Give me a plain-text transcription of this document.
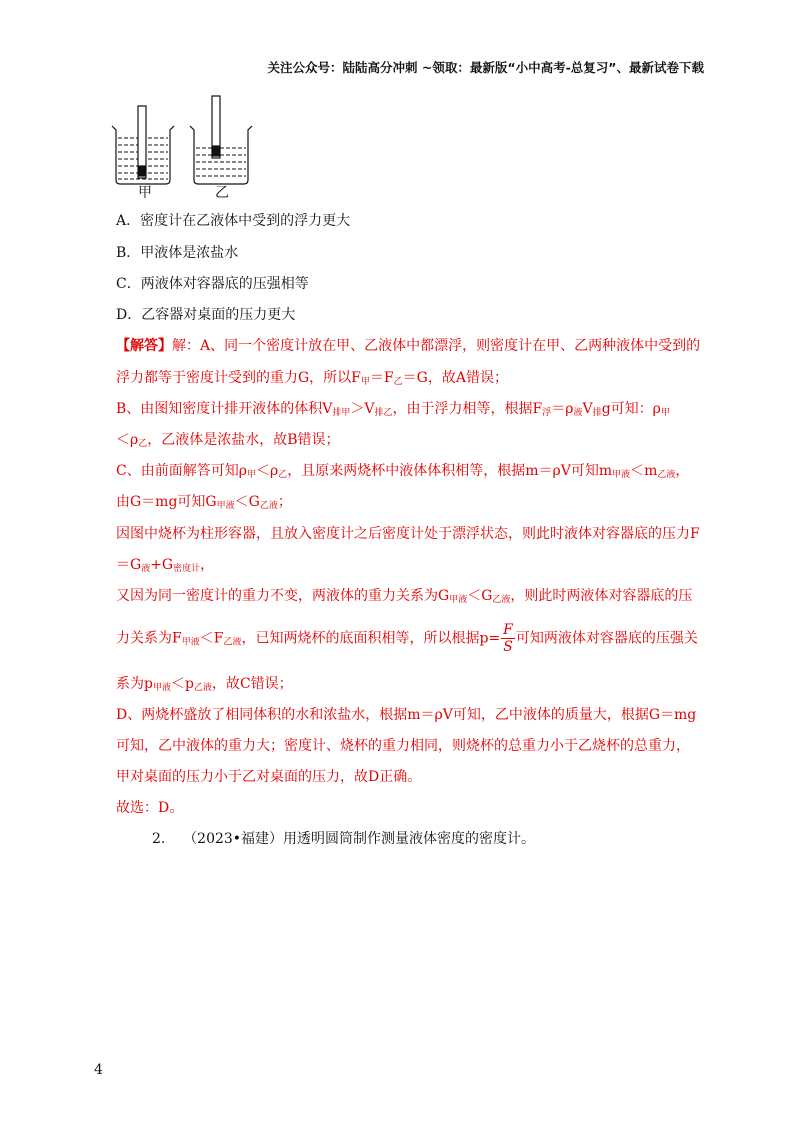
关注公众号：陆陆高分冲刺 ~领取：最新版“小中高考-总复习”、最新试卷下载
甲	乙
A．密度计在乙液体中受到的浮力更大
B．甲液体是浓盐水
C．两液体对容器底的压强相等
D．乙容器对桌面的压力更大
【解答】解：A、同一个密度计放在甲、乙液体中都漂浮，则密度计在甲、乙两种液体中受到的
浮力都等于密度计受到的重力G，所以$F_甲=F_乙=G$，故A错误；
B、由图知密度计排开液体的体积$V_{排甲}>V_{排乙}$，由于浮力相等，根据$F_浮=\rho_液V_排g$可知：$\rho_甲$
$<\rho_乙$，乙液体是浓盐水，故B错误；
C、由前面解答可知$\rho_甲<\rho_乙$，且原来两烧杯中液体体积相等，根据m＝ρV可知$m_{甲液}<m_{乙液}$，
由G＝mg可知$G_{甲液}<G_{乙液}$；
因图中烧杯为柱形容器，且放入密度计之后密度计处于漂浮状态，则此时液体对容器底的压力F
$=G_液+G_{密度计}$，
又因为同一密度计的重力不变，两液体的重力关系为$G_{甲液}<G_{乙液}$，则此时两液体对容器底的压
力关系为$F_{甲液}<F_{乙液}$，已知两烧杯的底面积相等，所以根据$p= \frac{F}{S}$ 可知两液体对容器底的压强关
系为$p_{甲液}<p_{乙液}$，故C错误；
D、两烧杯盛放了相同体积的水和浓盐水，根据m＝ρV可知，乙中液体的质量大，根据G＝mg
可知，乙中液体的重力大；密度计、烧杯的重力相同，则烧杯的总重力小于乙烧杯的总重力，
甲对桌面的压力小于乙对桌面的压力，故D正确。
故选：D。
2. （2023•福建）用透明圆筒制作测量液体密度的密度计。
4
